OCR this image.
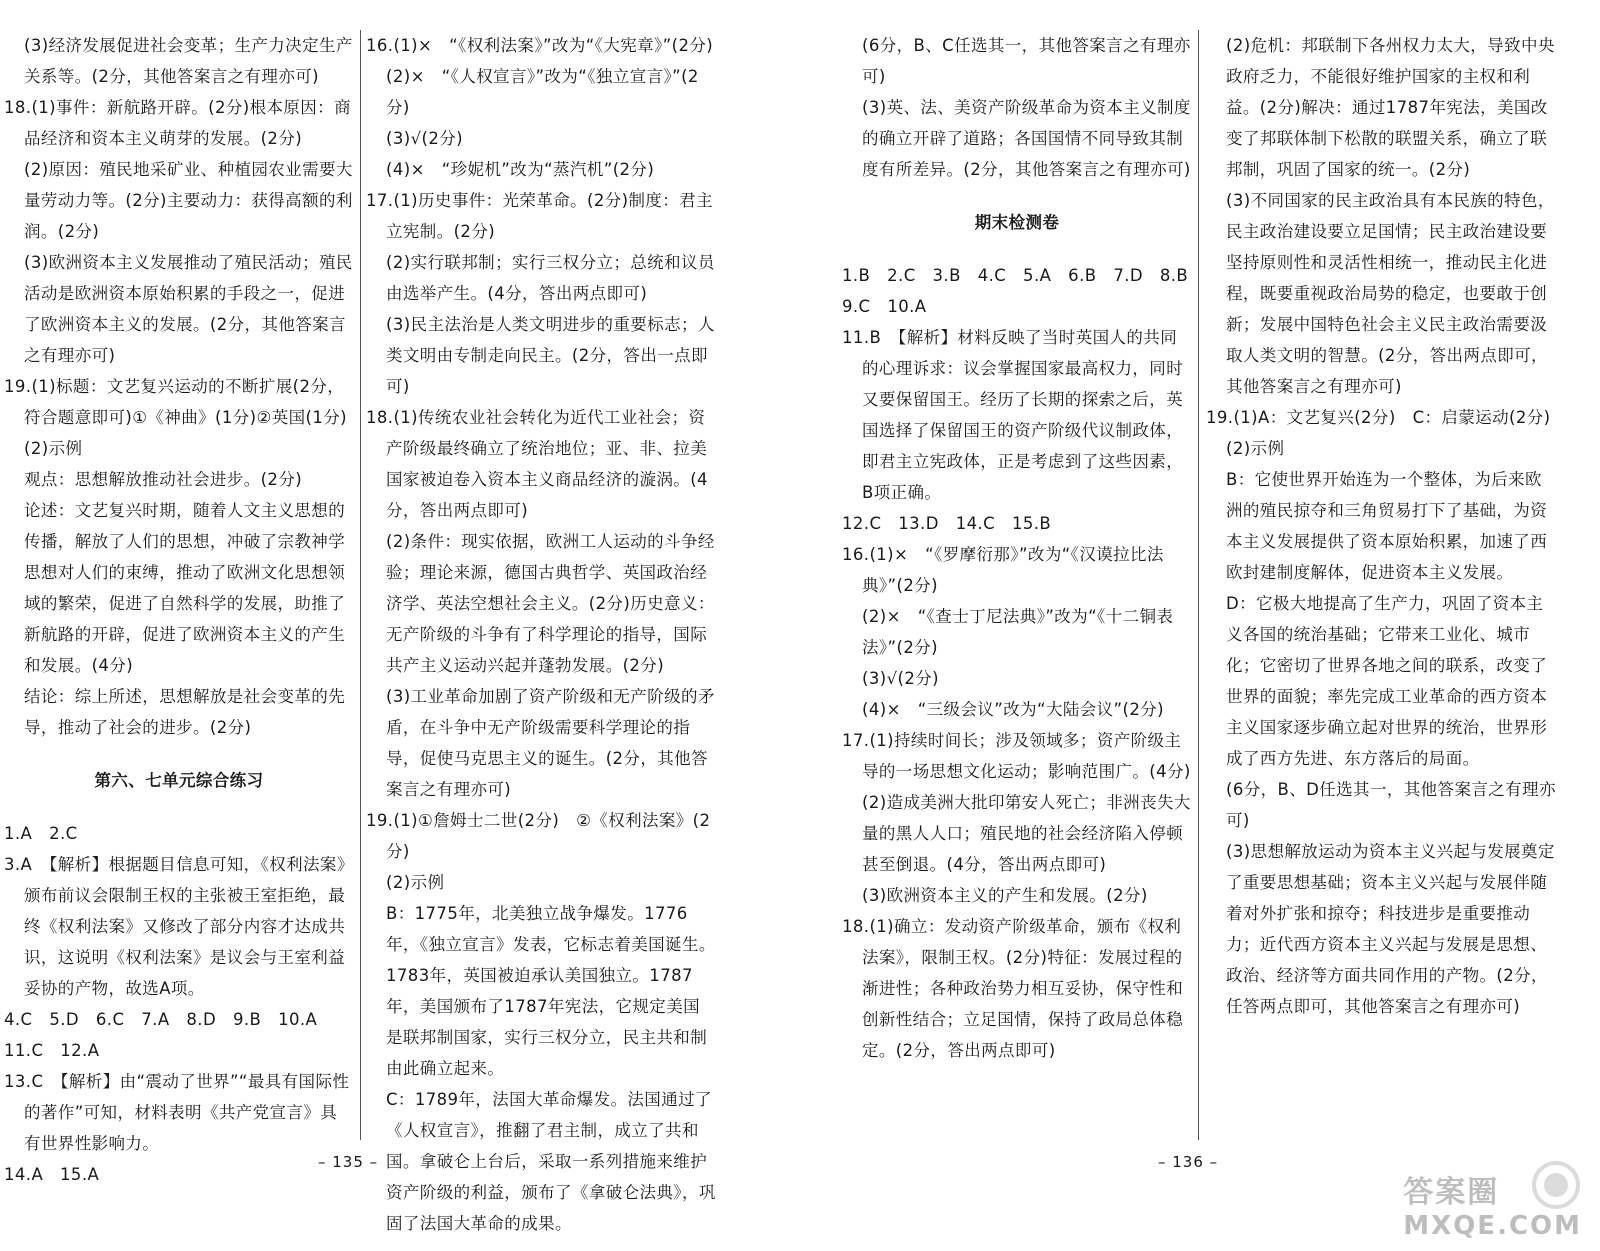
(3)经济发展促进社会变革；生产力决定生产关系等。(2分，其他答案言之有理亦可)

18.(1)事件：新航路开辟。(2分)根本原因：商品经济和资本主义萌芽的发展。(2分)

(2)原因：殖民地采矿业、种植园农业需要大量劳动力等。(2分)主要动力：获得高额的利润。(2分)

(3)欧洲资本主义发展推动了殖民活动；殖民活动是欧洲资本原始积累的手段之一，促进了欧洲资本主义的发展。(2分，其他答案言之有理亦可)

19.(1)标题：文艺复兴运动的不断扩展(2分，符合题意即可)①《神曲》(1分)②英国(1分)

(2)示例

观点：思想解放推动社会进步。(2分)

论述：文艺复兴时期，随着人文主义思想的传播，解放了人们的思想，冲破了宗教神学思想对人们的束缚，推动了欧洲文化思想领域的繁荣，促进了自然科学的发展，助推了新航路的开辟，促进了欧洲资本主义的产生和发展。(4分)

结论：综上所述，思想解放是社会变革的先导，推动了社会的进步。(2分)

第六、七单元综合练习

1.A　2.C

3.A　【解析】根据题目信息可知，《权利法案》颁布前议会限制王权的主张被王室拒绝，最终《权利法案》又修改了部分内容才达成共识，这说明《权利法案》是议会与王室利益妥协的产物，故选A项。

4.C　5.D　6.C　7.A　8.D　9.B　10.A

11.C　12.A

13.C　【解析】由“震动了世界”“最具有国际性的著作”可知，材料表明《共产党宣言》具有世界性影响力。

14.A　15.A

16.(1)×　“《权利法案》”改为“《大宪章》”(2分)

(2)×　“《人权宣言》”改为“《独立宣言》”(2分)

(3)√(2分)

(4)×　“珍妮机”改为“蒸汽机”(2分)

17.(1)历史事件：光荣革命。(2分)制度：君主立宪制。(2分)

(2)实行联邦制；实行三权分立；总统和议员由选举产生。(4分，答出两点即可)

(3)民主法治是人类文明进步的重要标志；人类文明由专制走向民主。(2分，答出一点即可)

18.(1)传统农业社会转化为近代工业社会；资产阶级最终确立了统治地位；亚、非、拉美国家被迫卷入资本主义商品经济的漩涡。(4分，答出两点即可)

(2)条件：现实依据，欧洲工人运动的斗争经验；理论来源，德国古典哲学、英国政治经济学、英法空想社会主义。(2分)历史意义：无产阶级的斗争有了科学理论的指导，国际共产主义运动兴起并蓬勃发展。(2分)

(3)工业革命加剧了资产阶级和无产阶级的矛盾，在斗争中无产阶级需要科学理论的指导，促使马克思主义的诞生。(2分，其他答案言之有理亦可)

19.(1)①詹姆士二世(2分)　②《权利法案》(2分)

(2)示例

B：1775年，北美独立战争爆发。1776年，《独立宣言》发表，它标志着美国诞生。1783年，英国被迫承认美国独立。1787年，美国颁布了1787年宪法，它规定美国是联邦制国家，实行三权分立，民主共和制由此确立起来。

C：1789年，法国大革命爆发。法国通过了《人权宣言》，推翻了君主制，成立了共和国。拿破仑上台后，采取一系列措施来维护资产阶级的利益，颁布了《拿破仑法典》，巩固了法国大革命的成果。

– 135 –

(6分，B、C任选其一，其他答案言之有理亦可)

(3)英、法、美资产阶级革命为资本主义制度的确立开辟了道路；各国国情不同导致其制度有所差异。(2分，其他答案言之有理亦可)

期末检测卷

1.B　2.C　3.B　4.C　5.A　6.B　7.D　8.B

9.C　10.A

11.B　【解析】材料反映了当时英国人的共同的心理诉求：议会掌握国家最高权力，同时又要保留国王。经历了长期的探索之后，英国选择了保留国王的资产阶级代议制政体，即君主立宪政体，正是考虑到了这些因素，B项正确。

12.C　13.D　14.C　15.B

16.(1)×　“《罗摩衍那》”改为“《汉谟拉比法典》”(2分)

(2)×　“《查士丁尼法典》”改为“《十二铜表法》”(2分)

(3)√(2分)

(4)×　“三级会议”改为“大陆会议”(2分)

17.(1)持续时间长；涉及领域多；资产阶级主导的一场思想文化运动；影响范围广。(4分)

(2)造成美洲大批印第安人死亡；非洲丧失大量的黑人人口；殖民地的社会经济陷入停顿甚至倒退。(4分，答出两点即可)

(3)欧洲资本主义的产生和发展。(2分)

18.(1)确立：发动资产阶级革命，颁布《权利法案》，限制王权。(2分)特征：发展过程的渐进性；各种政治势力相互妥协，保守性和创新性结合；立足国情，保持了政局总体稳定。(2分，答出两点即可)

(2)危机：邦联制下各州权力太大，导致中央政府乏力，不能很好维护国家的主权和利益。(2分)解决：通过1787年宪法，美国改变了邦联体制下松散的联盟关系，确立了联邦制，巩固了国家的统一。(2分)

(3)不同国家的民主政治具有本民族的特色，民主政治建设要立足国情；民主政治建设要坚持原则性和灵活性相统一，推动民主化进程，既要重视政治局势的稳定，也要敢于创新；发展中国特色社会主义民主政治需要汲取人类文明的智慧。(2分，答出两点即可，其他答案言之有理亦可)

19.(1)A：文艺复兴(2分)　C：启蒙运动(2分)

(2)示例

B：它使世界开始连为一个整体，为后来欧洲的殖民掠夺和三角贸易打下了基础，为资本主义发展提供了资本原始积累，加速了西欧封建制度解体，促进资本主义发展。

D：它极大地提高了生产力，巩固了资本主义各国的统治基础；它带来工业化、城市化；它密切了世界各地之间的联系，改变了世界的面貌；率先完成工业革命的西方资本主义国家逐步确立起对世界的统治，世界形成了西方先进、东方落后的局面。

(6分，B、D任选其一，其他答案言之有理亦可)

(3)思想解放运动为资本主义兴起与发展奠定了重要思想基础；资本主义兴起与发展伴随着对外扩张和掠夺；科技进步是重要推动力；近代西方资本主义兴起与发展是思想、政治、经济等方面共同作用的产物。(2分，任答两点即可，其他答案言之有理亦可)

– 136 –
答案圈
MXQE.COM
